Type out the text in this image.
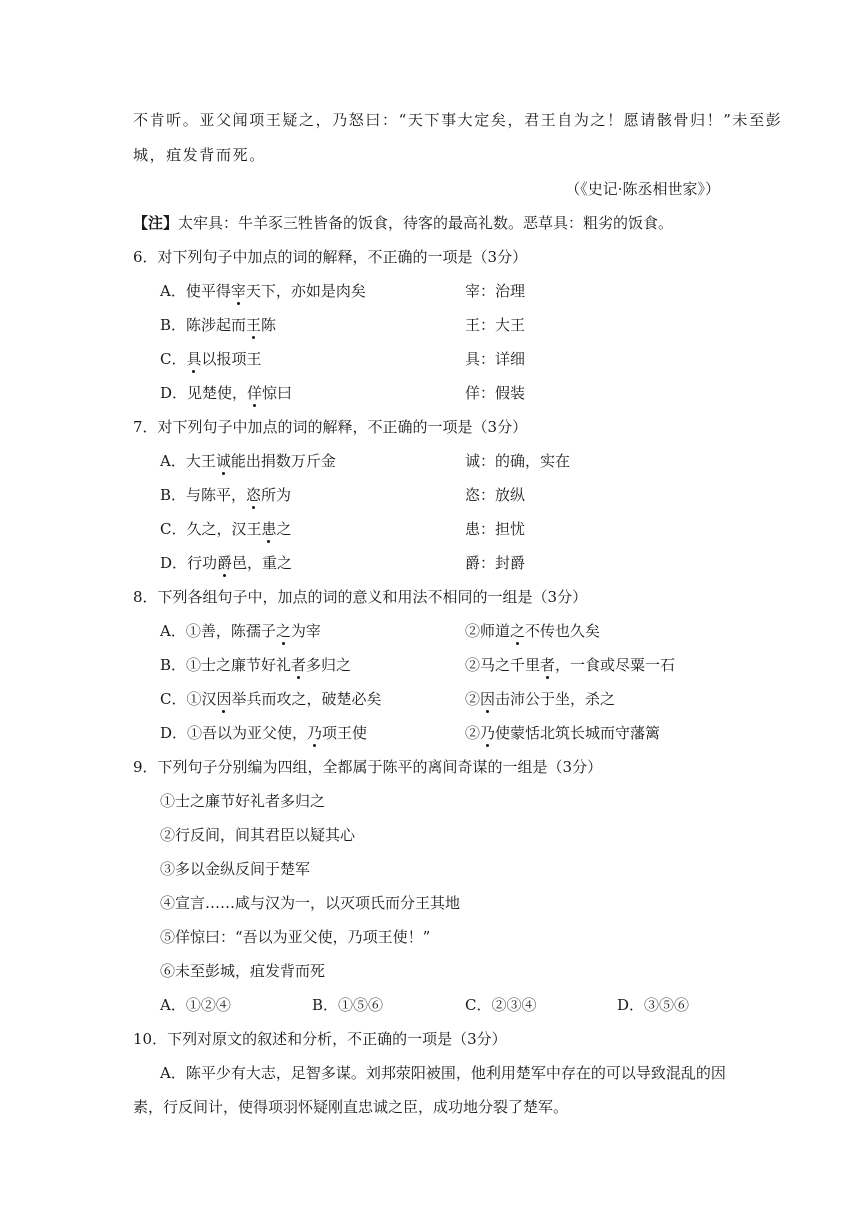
不肯听。亚父闻项王疑之，乃怒曰：“天下事大定矣，君王自为之！愿请骸骨归！”未至彭
城，疽发背而死。
（《史记·陈丞相世家》）
【注】太牢具：牛羊豕三牲皆备的饭食，待客的最高礼数。恶草具：粗劣的饭食。
6．对下列句子中加点的词的解释，不正确的一项是（3分）
A．使平得宰天下，亦如是肉矣	宰：治理
B．陈涉起而王陈	王：大王
C．具以报项王	具：详细
D．见楚使，佯惊曰	佯：假装
7．对下列句子中加点的词的解释，不正确的一项是（3分）
A．大王诚能出捐数万斤金	诚：的确，实在
B．与陈平，恣所为	恣：放纵
C．久之，汉王患之	患：担忧
D．行功爵邑，重之	爵：封爵
8．下列各组句子中，加点的词的意义和用法不相同的一组是（3分）
A．①善，陈孺子之为宰	②师道之不传也久矣
B．①士之廉节好礼者多归之	②马之千里者，一食或尽粟一石
C．①汉因举兵而攻之，破楚必矣	②因击沛公于坐，杀之
D．①吾以为亚父使，乃项王使	②乃使蒙恬北筑长城而守藩篱
9．下列句子分别编为四组，全都属于陈平的离间奇谋的一组是（3分）
①士之廉节好礼者多归之
②行反间，间其君臣以疑其心
③多以金纵反间于楚军
④宣言……咸与汉为一，以灭项氏而分王其地
⑤佯惊曰：“吾以为亚父使，乃项王使！”
⑥未至彭城，疽发背而死
A．①②④	B．①⑤⑥	C．②③④	D．③⑤⑥
10．下列对原文的叙述和分析，不正确的一项是（3分）
A．陈平少有大志，足智多谋。刘邦荥阳被围，他利用楚军中存在的可以导致混乱的因
素，行反间计，使得项羽怀疑刚直忠诚之臣，成功地分裂了楚军。
